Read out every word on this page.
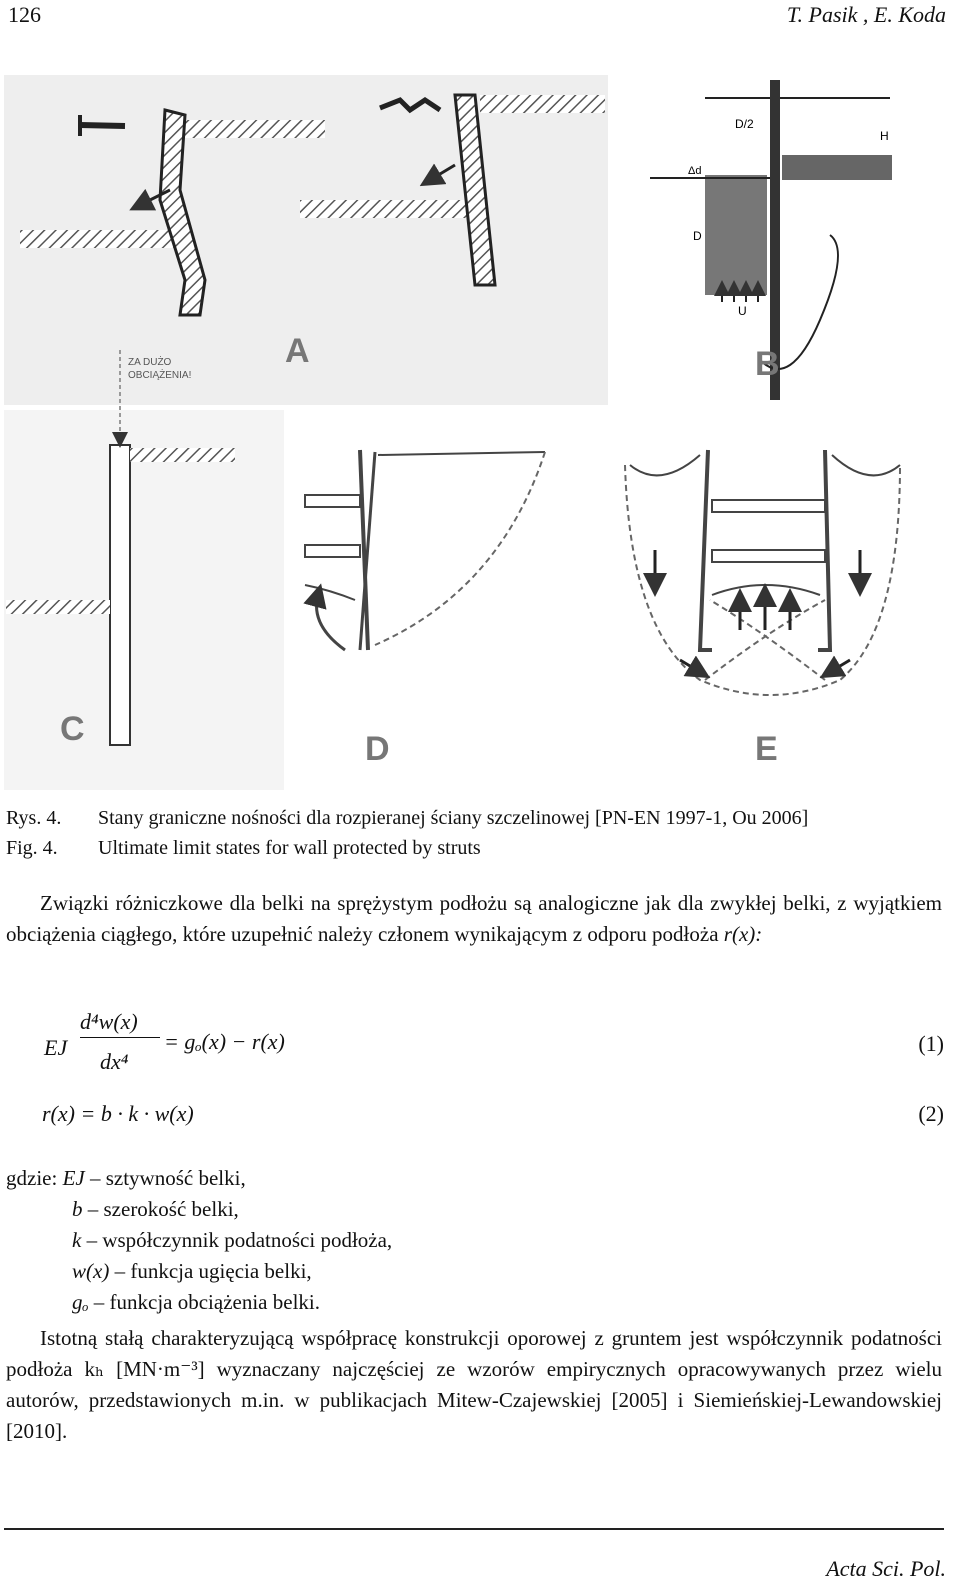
126	T. Pasik , E. Koda
A
D/2
H
Δd
D
U
B
ZA DUŻO
OBCIĄŻENIA!
C
D	E
Rys. 4. Stany graniczne nośności dla rozpieranej ściany szczelinowej [PN-EN 1997-1, Ou 2006]
Fig. 4. Ultimate limit states for wall protected by struts
Związki różniczkowe dla belki na sprężystym podłożu są analogiczne jak dla zwykłej belki, z wyjątkiem obciążenia ciągłego, które uzupełnić należy członem wynikającym z odporu podłoża r(x):
EJ
d⁴w(x)
dx⁴
= gₒ(x) − r(x)	(1)
r(x) = b · k · w(x)	(2)
gdzie: EJ – sztywność belki,
b – szerokość belki,
k – współczynnik podatności podłoża,
w(x) – funkcja ugięcia belki,
gₒ – funkcja obciążenia belki.
Istotną stałą charakteryzującą współpracę konstrukcji oporowej z gruntem jest współczynnik podatności podłoża kₕ [MN·m⁻³] wyznaczany najczęściej ze wzorów empirycznych opracowywanych przez wielu autorów, przedstawionych m.in. w publikacjach Mitew-Czajewskiej [2005] i Siemieńskiej-Lewandowskiej [2010].
Acta Sci. Pol.
